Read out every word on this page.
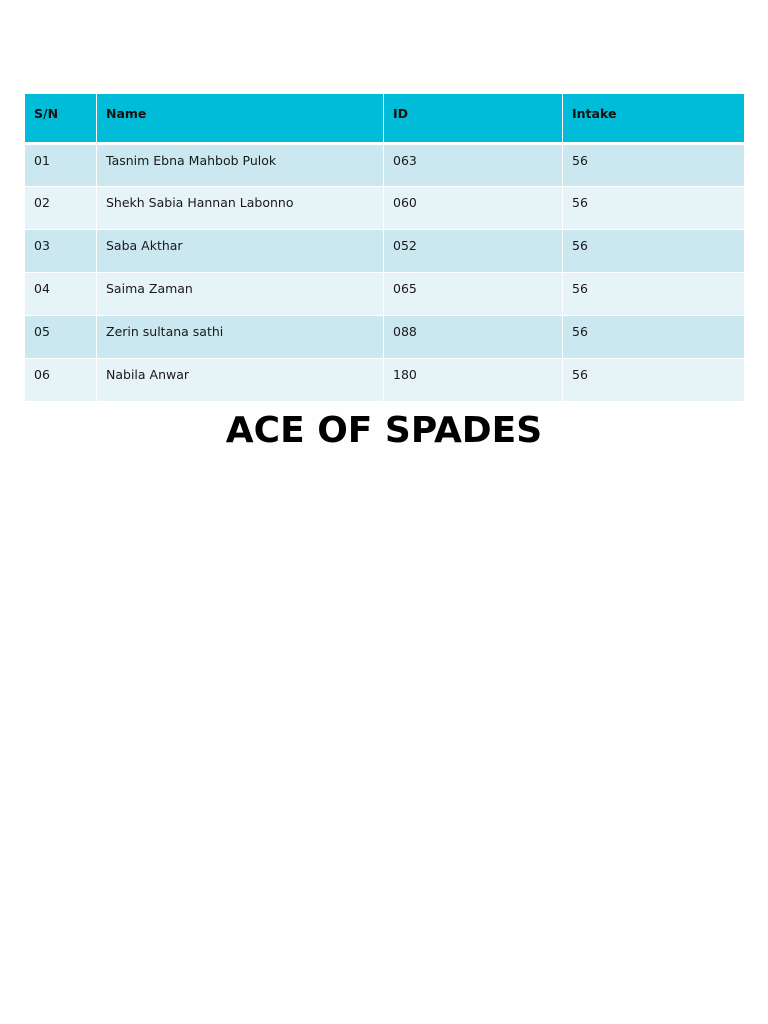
S/N	Name	ID	Intake
01	Tasnim Ebna Mahbob Pulok	063	56
02	Shekh Sabia Hannan Labonno	060	56
03	Saba Akthar	052	56
04	Saima Zaman	065	56
05	Zerin sultana sathi	088	56
06	Nabila Anwar	180	56
ACE OF SPADES
